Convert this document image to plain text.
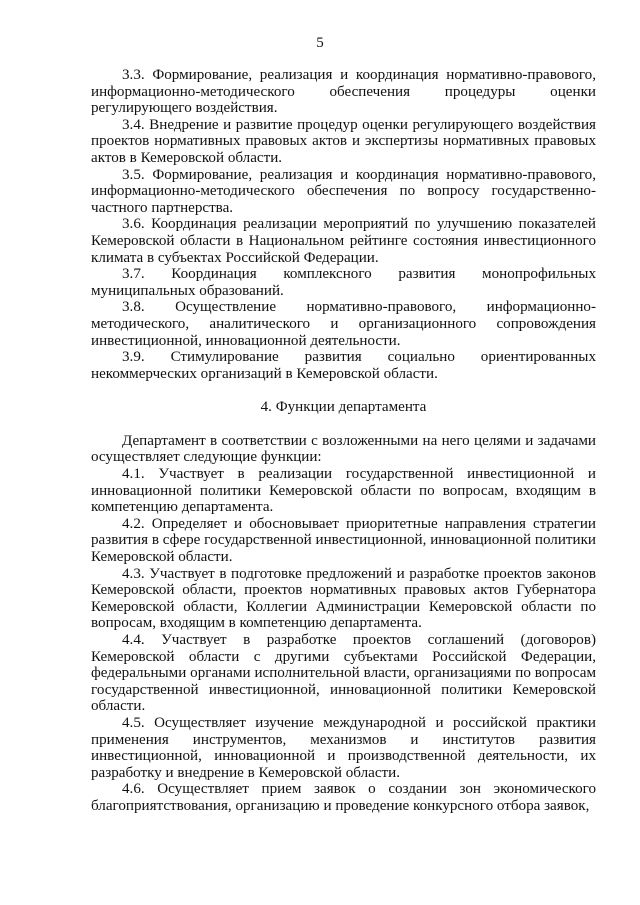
5

3.3. Формирование, реализация и координация нормативно-правового, информационно-методического обеспечения процедуры оценки регулирующего воздействия.

3.4. Внедрение и развитие процедур оценки регулирующего воздействия проектов нормативных правовых актов и экспертизы нормативных правовых актов в Кемеровской области.

3.5. Формирование, реализация и координация нормативно-правового, информационно-методического обеспечения по вопросу государственно-частного партнерства.

3.6. Координация реализации мероприятий по улучшению показателей Кемеровской области в Национальном рейтинге состояния инвестиционного климата в субъектах Российской Федерации.

3.7. Координация комплексного развития монопрофильных муниципальных образований.

3.8. Осуществление нормативно-правового, информационно-методического, аналитического и организационного сопровождения инвестиционной, инновационной деятельности.

3.9. Стимулирование развития социально ориентированных некоммерческих организаций в Кемеровской области.

4. Функции департамента

Департамент в соответствии с возложенными на него целями и задачами осуществляет следующие функции:

4.1. Участвует в реализации государственной инвестиционной и инновационной политики Кемеровской области по вопросам, входящим в компетенцию департамента.

4.2. Определяет и обосновывает приоритетные направления стратегии развития в сфере государственной инвестиционной, инновационной политики Кемеровской области.

4.3. Участвует в подготовке предложений и разработке проектов законов Кемеровской области, проектов нормативных правовых актов Губернатора Кемеровской области, Коллегии Администрации Кемеровской области по вопросам, входящим в компетенцию департамента.

4.4. Участвует в разработке проектов соглашений (договоров) Кемеровской области с другими субъектами Российской Федерации, федеральными органами исполнительной власти, организациями по вопросам государственной инвестиционной, инновационной политики Кемеровской области.

4.5. Осуществляет изучение международной и российской практики применения инструментов, механизмов и институтов развития инвестиционной, инновационной и производственной деятельности, их разработку и внедрение в Кемеровской области.

4.6. Осуществляет прием заявок о создании зон экономического благоприятствования, организацию и проведение конкурсного отбора заявок,
